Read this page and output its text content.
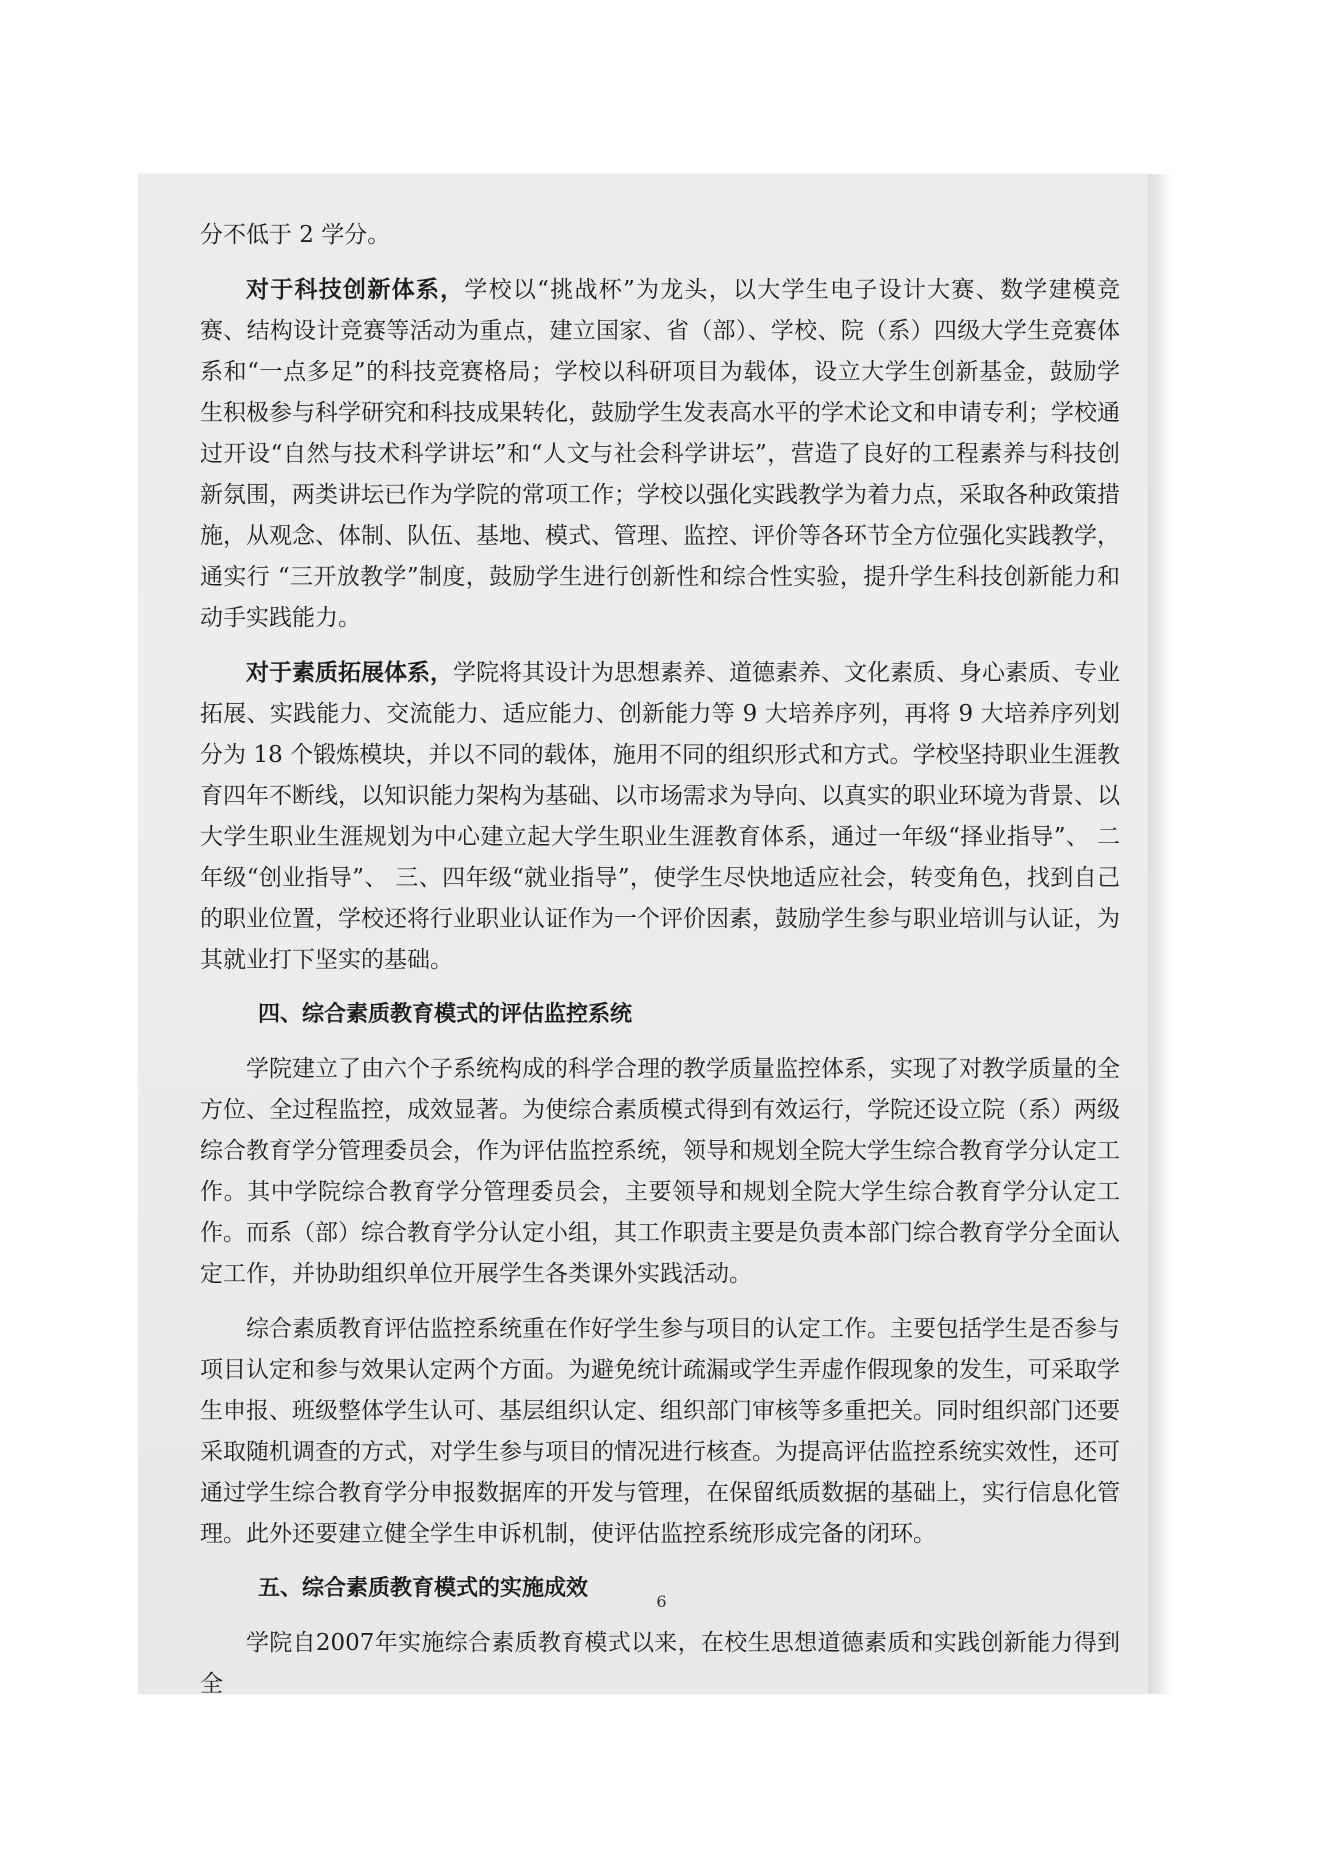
分不低于 2 学分。

对于科技创新体系，学校以“挑战杯”为龙头，以大学生电子设计大赛、数学建模竞赛、结构设计竞赛等活动为重点，建立国家、省（部）、学校、院（系）四级大学生竞赛体系和“一点多足”的科技竞赛格局；学校以科研项目为载体，设立大学生创新基金，鼓励学生积极参与科学研究和科技成果转化，鼓励学生发表高水平的学术论文和申请专利；学校通过开设“自然与技术科学讲坛”和“人文与社会科学讲坛”，营造了良好的工程素养与科技创新氛围，两类讲坛已作为学院的常项工作；学校以强化实践教学为着力点，采取各种政策措施，从观念、体制、队伍、基地、模式、管理、监控、评价等各环节全方位强化实践教学，通实行 “三开放教学”制度，鼓励学生进行创新性和综合性实验，提升学生科技创新能力和动手实践能力。

对于素质拓展体系，学院将其设计为思想素养、道德素养、文化素质、身心素质、专业拓展、实践能力、交流能力、适应能力、创新能力等 9 大培养序列，再将 9 大培养序列划分为 18 个锻炼模块，并以不同的载体，施用不同的组织形式和方式。学校坚持职业生涯教育四年不断线，以知识能力架构为基础、以市场需求为导向、以真实的职业环境为背景、以大学生职业生涯规划为中心建立起大学生职业生涯教育体系，通过一年级“择业指导”、 二年级“创业指导”、 三、四年级“就业指导”，使学生尽快地适应社会，转变角色，找到自己的职业位置，学校还将行业职业认证作为一个评价因素，鼓励学生参与职业培训与认证，为其就业打下坚实的基础。

四、综合素质教育模式的评估监控系统

学院建立了由六个子系统构成的科学合理的教学质量监控体系，实现了对教学质量的全方位、全过程监控，成效显著。为使综合素质模式得到有效运行，学院还设立院（系）两级综合教育学分管理委员会，作为评估监控系统，领导和规划全院大学生综合教育学分认定工作。其中学院综合教育学分管理委员会，主要领导和规划全院大学生综合教育学分认定工作。而系（部）综合教育学分认定小组，其工作职责主要是负责本部门综合教育学分全面认定工作，并协助组织单位开展学生各类课外实践活动。

综合素质教育评估监控系统重在作好学生参与项目的认定工作。主要包括学生是否参与项目认定和参与效果认定两个方面。为避免统计疏漏或学生弄虚作假现象的发生，可采取学生申报、班级整体学生认可、基层组织认定、组织部门审核等多重把关。同时组织部门还要采取随机调查的方式，对学生参与项目的情况进行核查。为提高评估监控系统实效性，还可通过学生综合教育学分申报数据库的开发与管理，在保留纸质数据的基础上，实行信息化管理。此外还要建立健全学生申诉机制，使评估监控系统形成完备的闭环。

五、综合素质教育模式的实施成效

学院自2007年实施综合素质教育模式以来，在校生思想道德素质和实践创新能力得到全

6
